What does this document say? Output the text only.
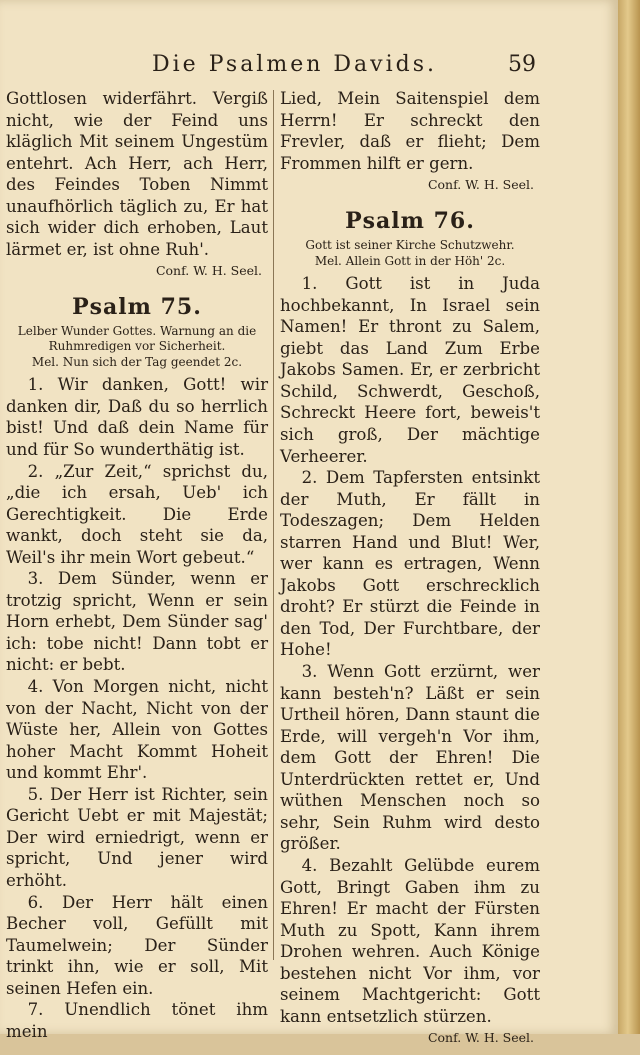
Die Psalmen Davids.	59

Gottlosen widerfährt. Vergiß nicht, wie der Feind uns kläglich Mit seinem Ungestüm entehrt. Ach Herr, ach Herr, des Feindes Toben Nimmt unaufhörlich täglich zu, Er hat sich wider dich erhoben, Laut lärmet er, ist ohne Ruh'.

Conf. W. H. Seel.

Psalm 75.

Lelber Wunder Gottes. Warnung an die Ruhmredigen vor Sicherheit.

Mel. Nun sich der Tag geendet 2c.

1. Wir danken, Gott! wir danken dir, Daß du so herrlich bist! Und daß dein Name für und für So wunderthätig ist.

2. „Zur Zeit,“ sprichst du, „die ich ersah, Ueb' ich Gerechtigkeit. Die Erde wankt, doch steht sie da, Weil's ihr mein Wort gebeut.“

3. Dem Sünder, wenn er trotzig spricht, Wenn er sein Horn erhebt, Dem Sünder sag' ich: tobe nicht! Dann tobt er nicht: er bebt.

4. Von Morgen nicht, nicht von der Nacht, Nicht von der Wüste her, Allein von Gottes hoher Macht Kommt Hoheit und kommt Ehr'.

5. Der Herr ist Richter, sein Gericht Uebt er mit Majestät; Der wird erniedrigt, wenn er spricht, Und jener wird erhöht.

6. Der Herr hält einen Becher voll, Gefüllt mit Taumelwein; Der Sünder trinkt ihn, wie er soll, Mit seinen Hefen ein.

7. Unendlich tönet ihm mein

Lied, Mein Saitenspiel dem Herrn! Er schreckt den Frevler, daß er flieht; Dem Frommen hilft er gern.

Conf. W. H. Seel.

Psalm 76.

Gott ist seiner Kirche Schutzwehr.

Mel. Allein Gott in der Höh' 2c.

1. Gott ist in Juda hochbekannt, In Israel sein Namen! Er thront zu Salem, giebt das Land Zum Erbe Jakobs Samen. Er, er zerbricht Schild, Schwerdt, Geschoß, Schreckt Heere fort, beweis't sich groß, Der mächtige Verheerer.

2. Dem Tapfersten entsinkt der Muth, Er fällt in Todeszagen; Dem Helden starren Hand und Blut! Wer, wer kann es ertragen, Wenn Jakobs Gott erschrecklich droht? Er stürzt die Feinde in den Tod, Der Furchtbare, der Hohe!

3. Wenn Gott erzürnt, wer kann besteh'n? Läßt er sein Urtheil hören, Dann staunt die Erde, will vergeh'n Vor ihm, dem Gott der Ehren! Die Unterdrückten rettet er, Und wüthen Menschen noch so sehr, Sein Ruhm wird desto größer.

4. Bezahlt Gelübde eurem Gott, Bringt Gaben ihm zu Ehren! Er macht der Fürsten Muth zu Spott, Kann ihrem Drohen wehren. Auch Könige bestehen nicht Vor ihm, vor seinem Machtgericht: Gott kann entsetzlich stürzen.

Conf. W. H. Seel.
